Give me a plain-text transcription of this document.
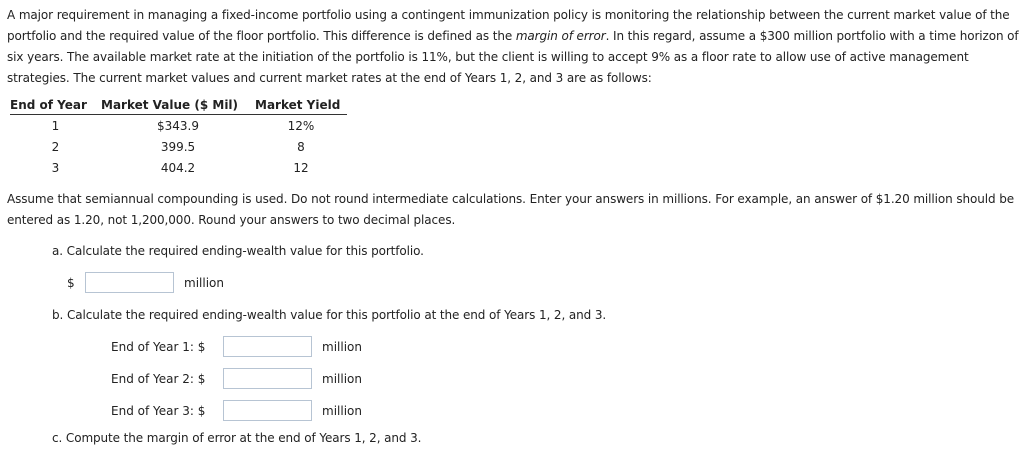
A major requirement in managing a fixed-income portfolio using a contingent immunization policy is monitoring the relationship between the current market value of the portfolio and the required value of the floor portfolio. This difference is defined as the margin of error. In this regard, assume a $300 million portfolio with a time horizon of six years. The available market rate at the initiation of the portfolio is 11%, but the client is willing to accept 9% as a floor rate to allow use of active management strategies. The current market values and current market rates at the end of Years 1, 2, and 3 are as follows:

End of Year	Market Value ($ Mil)	Market Yield
1	$343.9	12%
2	399.5	8
3	404.2	12

Assume that semiannual compounding is used. Do not round intermediate calculations. Enter your answers in millions. For example, an answer of $1.20 million should be entered as 1.20, not 1,200,000. Round your answers to two decimal places.

a. Calculate the required ending-wealth value for this portfolio.
$	million
b. Calculate the required ending-wealth value for this portfolio at the end of Years 1, 2, and 3.
End of Year 1: $	million
End of Year 2: $	million
End of Year 3: $	million
c. Compute the margin of error at the end of Years 1, 2, and 3.
